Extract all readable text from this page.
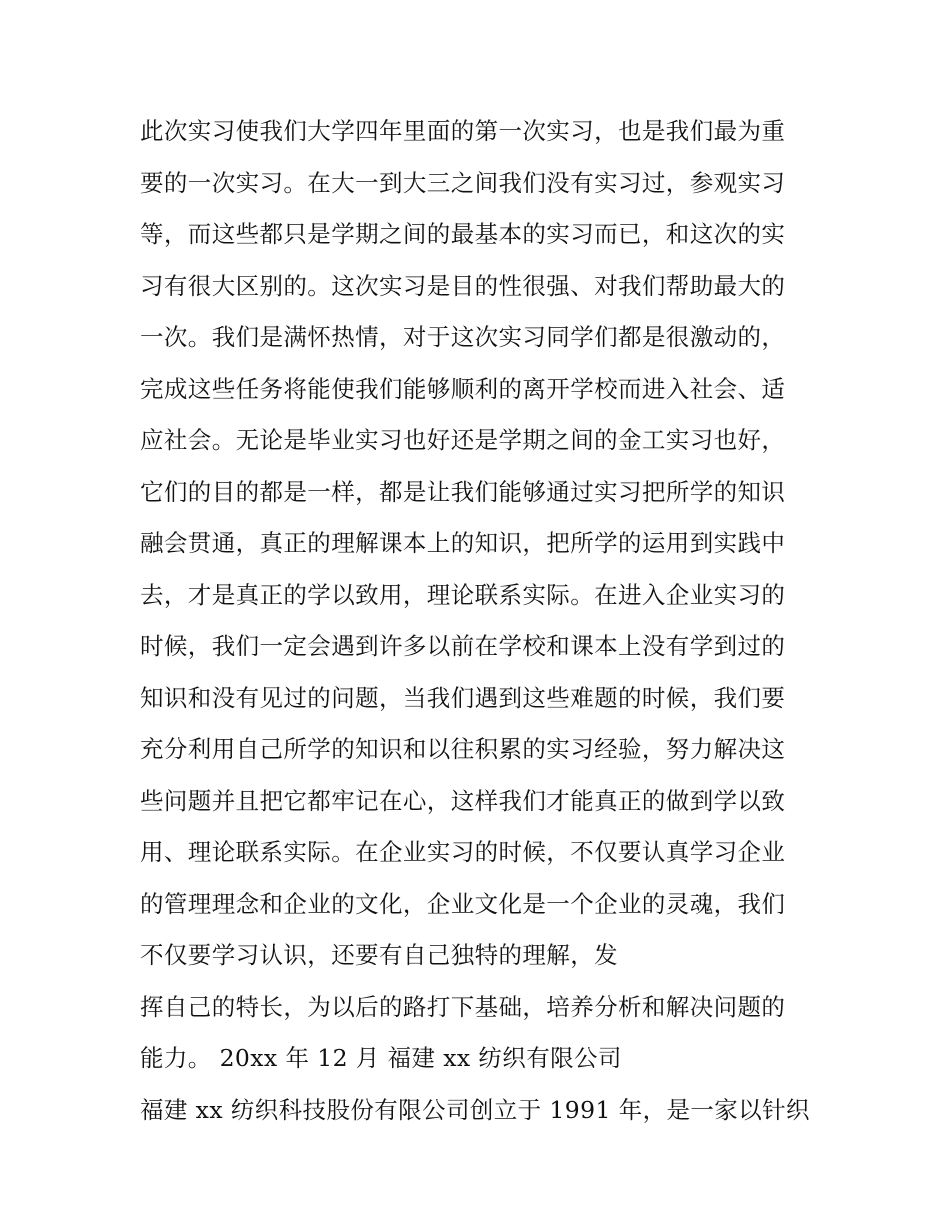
此次实习使我们大学四年里面的第一次实习，也是我们最为重
要的一次实习。在大一到大三之间我们没有实习过，参观实习
等，而这些都只是学期之间的最基本的实习而已，和这次的实
习有很大区别的。这次实习是目的性很强、对我们帮助最大的
一次。我们是满怀热情，对于这次实习同学们都是很激动的，
完成这些任务将能使我们能够顺利的离开学校而进入社会、适
应社会。无论是毕业实习也好还是学期之间的金工实习也好，
它们的目的都是一样，都是让我们能够通过实习把所学的知识
融会贯通，真正的理解课本上的知识，把所学的运用到实践中
去，才是真正的学以致用，理论联系实际。在进入企业实习的
时候，我们一定会遇到许多以前在学校和课本上没有学到过的
知识和没有见过的问题，当我们遇到这些难题的时候，我们要
充分利用自己所学的知识和以往积累的实习经验，努力解决这
些问题并且把它都牢记在心，这样我们才能真正的做到学以致
用、理论联系实际。在企业实习的时候，不仅要认真学习企业
的管理理念和企业的文化，企业文化是一个企业的灵魂，我们
不仅要学习认识，还要有自己独特的理解，发
挥自己的特长，为以后的路打下基础，培养分析和解决问题的
能力。 20xx 年 12 月 福建 xx 纺织有限公司
福建 xx 纺织科技股份有限公司创立于 1991 年，是一家以针织
